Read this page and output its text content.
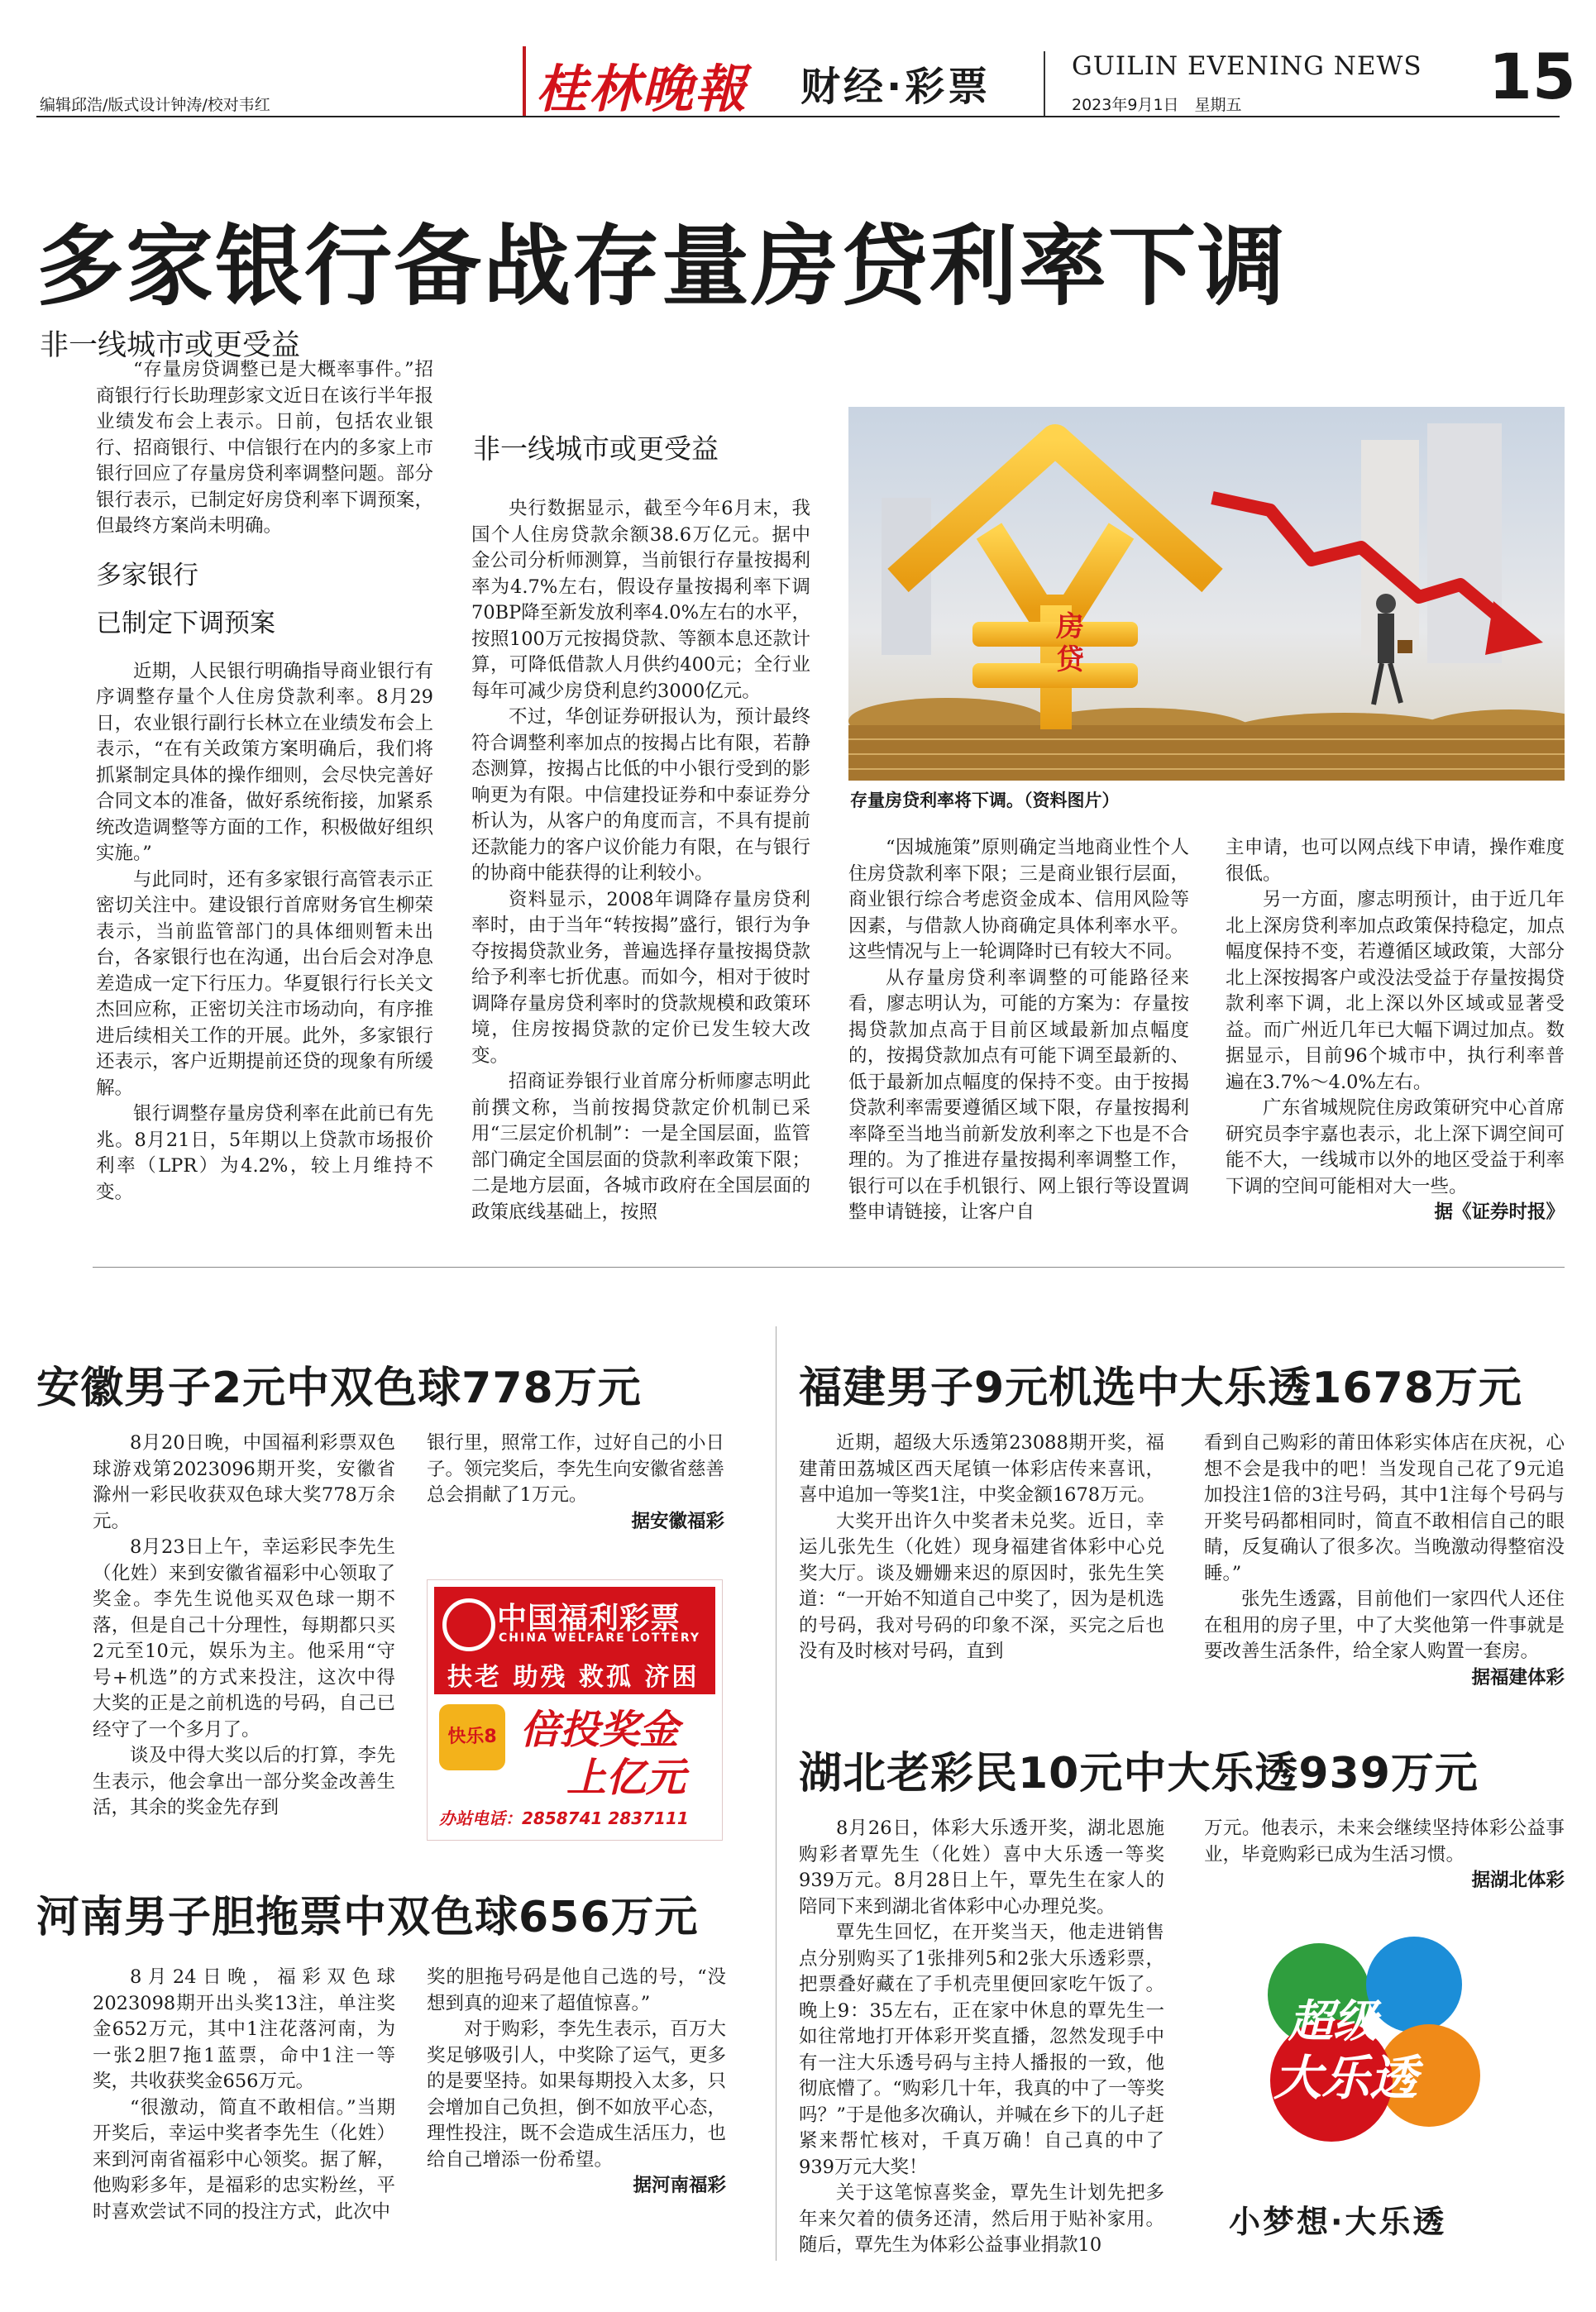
编辑邱浩/版式设计钟涛/校对韦红	桂林晚報 财经·彩票	GUILIN EVENING NEWS
2023年9月1日　星期五	15
多家银行备战存量房贷利率下调
非一线城市或更受益

“存量房贷调整已是大概率事件。”招商银行行长助理彭家文近日在该行半年报业绩发布会上表示。日前，包括农业银行、招商银行、中信银行在内的多家上市银行回应了存量房贷利率调整问题。部分银行表示，已制定好房贷利率下调预案，但最终方案尚未明确。

多家银行
已制定下调预案

近期，人民银行明确指导商业银行有序调整存量个人住房贷款利率。8月29日，农业银行副行长林立在业绩发布会上表示，“在有关政策方案明确后，我们将抓紧制定具体的操作细则，会尽快完善好合同文本的准备，做好系统衔接，加紧系统改造调整等方面的工作，积极做好组织实施。”

与此同时，还有多家银行高管表示正密切关注中。建设银行首席财务官生柳荣表示，当前监管部门的具体细则暂未出台，各家银行也在沟通，出台后会对净息差造成一定下行压力。华夏银行行长关文杰回应称，正密切关注市场动向，有序推进后续相关工作的开展。此外，多家银行还表示，客户近期提前还贷的现象有所缓解。

银行调整存量房贷利率在此前已有先兆。8月21日，5年期以上贷款市场报价利率（LPR）为4.2%，较上月维持不变。

非一线城市或更受益

央行数据显示，截至今年6月末，我国个人住房贷款余额38.6万亿元。据中金公司分析师测算，当前银行存量按揭利率为4.7%左右，假设存量按揭利率下调70BP降至新发放利率4.0%左右的水平，按照100万元按揭贷款、等额本息还款计算，可降低借款人月供约400元；全行业每年可减少房贷利息约3000亿元。

不过，华创证券研报认为，预计最终符合调整利率加点的按揭占比有限，若静态测算，按揭占比低的中小银行受到的影响更为有限。中信建投证券和中泰证券分析认为，从客户的角度而言，不具有提前还款能力的客户议价能力有限，在与银行的协商中能获得的让利较小。

资料显示，2008年调降存量房贷利率时，由于当年“转按揭”盛行，银行为争夺按揭贷款业务，普遍选择存量按揭贷款给予利率七折优惠。而如今，相对于彼时调降存量房贷利率时的贷款规模和政策环境，住房按揭贷款的定价已发生较大改变。

招商证券银行业首席分析师廖志明此前撰文称，当前按揭贷款定价机制已采用“三层定价机制”：一是全国层面，监管部门确定全国层面的贷款利率政策下限；二是地方层面，各城市政府在全国层面的政策底线基础上，按照

房贷
存量房贷利率将下调。（资料图片）

“因城施策”原则确定当地商业性个人住房贷款利率下限；三是商业银行层面，商业银行综合考虑资金成本、信用风险等因素，与借款人协商确定具体利率水平。这些情况与上一轮调降时已有较大不同。

从存量房贷利率调整的可能路径来看，廖志明认为，可能的方案为：存量按揭贷款加点高于目前区域最新加点幅度的，按揭贷款加点有可能下调至最新的、低于最新加点幅度的保持不变。由于按揭贷款利率需要遵循区域下限，存量按揭利率降至当地当前新发放利率之下也是不合理的。为了推进存量按揭利率调整工作，银行可以在手机银行、网上银行等设置调整申请链接，让客户自

主申请，也可以网点线下申请，操作难度很低。

另一方面，廖志明预计，由于近几年北上深房贷利率加点政策保持稳定，加点幅度保持不变，若遵循区域政策，大部分北上深按揭客户或没法受益于存量按揭贷款利率下调，北上深以外区域或显著受益。而广州近几年已大幅下调过加点。数据显示，目前96个城市中，执行利率普遍在3.7%～4.0%左右。

广东省城规院住房政策研究中心首席研究员李宇嘉也表示，北上深下调空间可能不大，一线城市以外的地区受益于利率下调的空间可能相对大一些。

据《证券时报》

安徽男子2元中双色球778万元

8月20日晚，中国福利彩票双色球游戏第2023096期开奖，安徽省滁州一彩民收获双色球大奖778万余元。

8月23日上午，幸运彩民李先生（化姓）来到安徽省福彩中心领取了奖金。李先生说他买双色球一期不落，但是自己十分理性，每期都只买2元至10元，娱乐为主。他采用“守号+机选”的方式来投注，这次中得大奖的正是之前机选的号码，自己已经守了一个多月了。

谈及中得大奖以后的打算，李先生表示，他会拿出一部分奖金改善生活，其余的奖金先存到

银行里，照常工作，过好自己的小日子。领完奖后，李先生向安徽省慈善总会捐献了1万元。

据安徽福彩

中国福利彩票
CHINA WELFARE LOTTERY
扶老 助残 救孤 济困
快乐8 倍投奖金
上亿元
办站电话：2858741 2837111
河南男子胆拖票中双色球656万元

8月24日晚，福彩双色球2023098期开出头奖13注，单注奖金652万元，其中1注花落河南，为一张2胆7拖1蓝票，命中1注一等奖，共收获奖金656万元。

“很激动，简直不敢相信。”当期开奖后，幸运中奖者李先生（化姓）来到河南省福彩中心领奖。据了解，他购彩多年，是福彩的忠实粉丝，平时喜欢尝试不同的投注方式，此次中

奖的胆拖号码是他自己选的号，“没想到真的迎来了超值惊喜。”

对于购彩，李先生表示，百万大奖足够吸引人，中奖除了运气，更多的是要坚持。如果每期投入太多，只会增加自己负担，倒不如放平心态，理性投注，既不会造成生活压力，也给自己增添一份希望。

据河南福彩

福建男子9元机选中大乐透1678万元

近期，超级大乐透第23088期开奖，福建莆田荔城区西天尾镇一体彩店传来喜讯，喜中追加一等奖1注，中奖金额1678万元。

大奖开出许久中奖者未兑奖。近日，幸运儿张先生（化姓）现身福建省体彩中心兑奖大厅。谈及姗姗来迟的原因时，张先生笑道：“一开始不知道自己中奖了，因为是机选的号码，我对号码的印象不深，买完之后也没有及时核对号码，直到

看到自己购彩的莆田体彩实体店在庆祝，心想不会是我中的吧！当发现自己花了9元追加投注1倍的3注号码，其中1注每个号码与开奖号码都相同时，简直不敢相信自己的眼睛，反复确认了很多次。当晚激动得整宿没睡。”

张先生透露，目前他们一家四代人还住在租用的房子里，中了大奖他第一件事就是要改善生活条件，给全家人购置一套房。

据福建体彩

湖北老彩民10元中大乐透939万元

8月26日，体彩大乐透开奖，湖北恩施购彩者覃先生（化姓）喜中大乐透一等奖939万元。8月28日上午，覃先生在家人的陪同下来到湖北省体彩中心办理兑奖。

覃先生回忆，在开奖当天，他走进销售点分别购买了1张排列5和2张大乐透彩票，把票叠好藏在了手机壳里便回家吃午饭了。晚上9：35左右，正在家中休息的覃先生一如往常地打开体彩开奖直播，忽然发现手中有一注大乐透号码与主持人播报的一致，他彻底懵了。“购彩几十年，我真的中了一等奖吗？”于是他多次确认，并喊在乡下的儿子赶紧来帮忙核对，千真万确！自己真的中了939万元大奖！

关于这笔惊喜奖金，覃先生计划先把多年来欠着的债务还清，然后用于贴补家用。随后，覃先生为体彩公益事业捐款10

万元。他表示，未来会继续坚持体彩公益事业，毕竟购彩已成为生活习惯。

据湖北体彩

超级
大乐透
小梦想·大乐透
